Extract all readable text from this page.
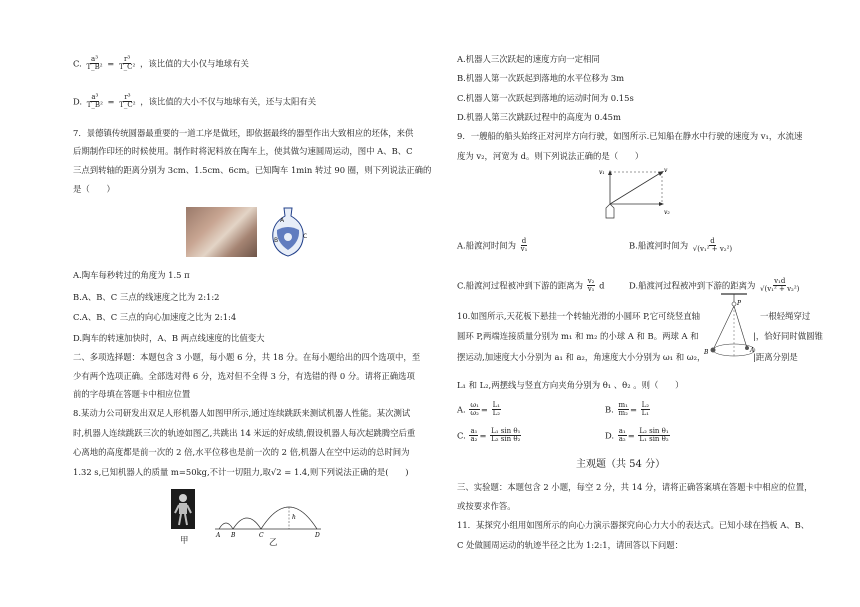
C. $\frac{\text{a³}}{\text{T\_B²}} = \frac{\text{r³}}{\text{T\_C²}}$ ，该比值的大小仅与地球有关
D. $\frac{\text{a³}}{\text{T\_B²}} = \frac{\text{r³}}{\text{T\_C²}}$ ，该比值的大小不仅与地球有关，还与太阳有关
7．景德镇传统圆器最重要的一道工序是做坯，即依据最终的器型作出大致相应的坯体，来供
后期制作印坯的时候使用。制作时将泥料放在陶车上，使其做匀速圆周运动，图中 A、B、C
三点到转轴的距离分别为 3cm、1.5cm、6cm。已知陶车 1min 转过 90 圈，则下列说法正确的
是（　　）
A
B
C
A.陶车每秒转过的角度为 1.5 π
B.A、B、C 三点的线速度之比为 2:1:2
C.A、B、C 三点的向心加速度之比为 2:1:4
D.陶车的转速加快时，A、B 两点线速度的比值变大
二、多项选择题：本题包含 3 小题，每小题 6 分，共 18 分。在每小题给出的四个选项中，至
少有两个选项正确。全部选对得 6 分，选对但不全得 3 分，有选错的得 0 分。请将正确选项
前的字母填在答题卡中相应位置
8.某动力公司研发出双足人形机器人如图甲所示,通过连续跳跃来测试机器人性能。某次测试
时,机器人连续跳跃三次的轨迹如图乙,共跳出 14 米远的好成绩,假设机器人每次起跳腾空后重
心离地的高度都是前一次的 2 倍,水平位移也是前一次的 2 倍,机器人在空中运动的总时间为
1.32 s,已知机器人的质量 m=50kg,不计一切阻力,取√2 = 1.4,则下列说法正确的是(　　)
甲
h
A B	C	D
乙
A.机器人三次跃起的速度方向一定相同
B.机器人第一次跃起到落地的水平位移为 3m
C.机器人第一次跃起到落地的运动时间为 0.15s
D.机器人第三次跳跃过程中的高度为 0.45m
9．一艘船的船头始终正对河岸方向行驶，如图所示.已知船在静水中行驶的速度为 v₁，水流速
度为 v₂，河宽为 d。则下列说法正确的是（　　）
v₁	v
v₂
A.船渡河时间为 $\frac{d}{\text{v₁}}$	B.船渡河时间为 $\frac{d}{\text{√(v₁² + v₂²)}}$
C.船渡河过程被冲到下游的距离为 $\frac{\text{v₂}}{\text{v₁}}$ d	D.船渡河过程被冲到下游的距离为 $\frac{\text{v₁d}}{\text{√(v₁² + v₂²)}}$
10.如图所示,天花板下悬挂一个转轴光滑的小圆环 P,它可绕竖直轴
圆环 P,两端连接质量分别为 m₁ 和 m₂ 的小球 A 和 B。两球 A 和
摆运动,加速度大小分别为 a₁ 和 a₂，角速度大小分别为 ω₁ 和 ω₂，
L₁ 和 L₂,两摆线与竖直方向夹角分别为 θ₁ 、θ₂ 。则（　　）
一根轻绳穿过
|，恰好同时做圆锥
|距离分别是
P
B	A
A. $\frac{\text{ω₁}}{\text{ω₂}} = \frac{\text{L₁}}{\text{L₂}}$	B. $\frac{\text{m₁}}{\text{m₂}} = \frac{\text{L₂}}{\text{L₁}}$
C. $\frac{\text{a₁}}{\text{a₂}} = \frac{\text{L₁ sin θ₁}}{\text{L₂ sin θ₂}}$	D. $\frac{\text{a₁}}{\text{a₂}} = \frac{\text{L₂ sin θ₁}}{\text{L₁ sin θ₂}}$
主观题（共 54 分）
三、实验题：本题包含 2 小题，每空 2 分，共 14 分，请将正确答案填在答题卡中相应的位置，
或按要求作答。
11．某探究小组用如图所示的向心力演示器探究向心力大小的表达式。已知小球在挡板 A、B、
C 处做圆周运动的轨迹半径之比为 1:2:1，请回答以下问题：
